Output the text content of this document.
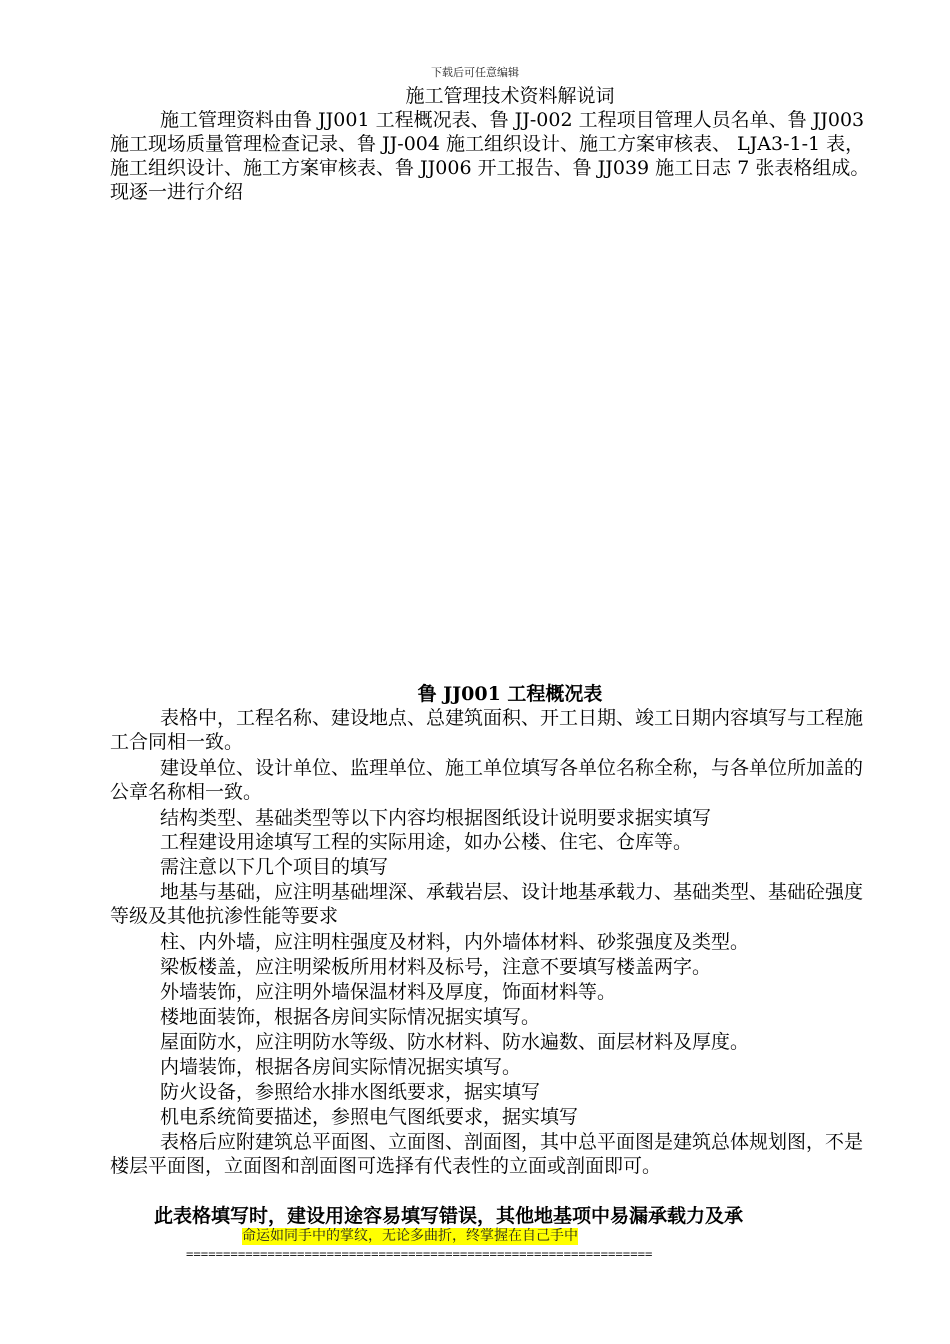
下载后可任意编辑
施工管理技术资料解说词

施工管理资料由鲁 JJ001 工程概况表、鲁 JJ-002 工程项目管理人员名单、鲁 JJ003 施工现场质量管理检查记录、鲁 JJ-004 施工组织设计、施工方案审核表、 LJA3-1-1 表，施工组织设计、施工方案审核表、鲁 JJ006 开工报告、鲁 JJ039 施工日志 7 张表格组成。现逐一进行介绍

鲁 JJ001 工程概况表

表格中，工程名称、建设地点、总建筑面积、开工日期、竣工日期内容填写与工程施工合同相一致。

建设单位、设计单位、监理单位、施工单位填写各单位名称全称，与各单位所加盖的公章名称相一致。

结构类型、基础类型等以下内容均根据图纸设计说明要求据实填写

工程建设用途填写工程的实际用途，如办公楼、住宅、仓库等。

需注意以下几个项目的填写

地基与基础，应注明基础埋深、承载岩层、设计地基承载力、基础类型、基础砼强度等级及其他抗渗性能等要求

柱、内外墙，应注明柱强度及材料，内外墙体材料、砂浆强度及类型。

梁板楼盖，应注明梁板所用材料及标号，注意不要填写楼盖两字。

外墙装饰，应注明外墙保温材料及厚度，饰面材料等。

楼地面装饰，根据各房间实际情况据实填写。

屋面防水，应注明防水等级、防水材料、防水遍数、面层材料及厚度。

内墙装饰，根据各房间实际情况据实填写。

防火设备，参照给水排水图纸要求，据实填写

机电系统简要描述，参照电气图纸要求，据实填写

表格后应附建筑总平面图、立面图、剖面图，其中总平面图是建筑总体规划图，不是楼层平面图，立面图和剖面图可选择有代表性的立面或剖面即可。

此表格填写时，建设用途容易填写错误，其他地基项中易漏承载力及承

命运如同手中的掌纹，无论多曲折，终掌握在自己手中
===============================================================
